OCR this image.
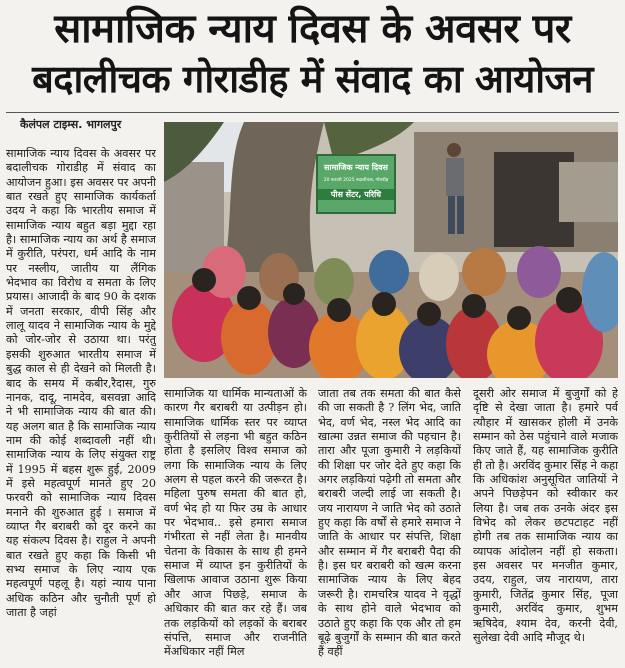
सामाजिक न्याय दिवस के अवसर पर
बदालीचक गोराडीह में संवाद का आयोजन
कैलंपल टाइम्स. भागलपुर

सामाजिक न्याय दिवस के अवसर पर बदालीचक गोराडीह में संवाद का आयोजन हुआ। इस अवसर पर अपनी बात रखते हुए सामाजिक कार्यकर्ता उदय ने कहा कि भारतीय समाज में सामाजिक न्याय बहुत बड़ा मुद्दा रहा है। सामाजिक न्याय का अर्थ है समाज में कुरीति, परंपरा, धर्म आदि के नाम पर नस्लीय, जातीय या लैंगिक भेदभाव का विरोध व समता के लिए प्रयास। आजादी के बाद 90 के दशक में जनता सरकार, वीपी सिंह और लालू यादव ने सामाजिक न्याय के मुद्दे को जोर-जोर से उठाया था। परंतु इसकी शुरुआत भारतीय समाज में बुद्ध काल से ही देखने को मिलती है। बाद के समय में कबीर,रैदास, गुरु नानक, दादू, नामदेव, बसवन्ना आदि ने भी सामाजिक न्याय की बात की। यह अलग बात है कि सामाजिक न्याय नाम की कोई शब्दावली नहीं थी। सामाजिक न्याय के लिए संयुक्त राष्ट्र में 1995 में बहस शुरू हुई, 2009 में इसे महत्वपूर्ण मानते हुए 20 फरवरी को सामाजिक न्याय दिवस मनाने की शुरुआत हुई । समाज में व्याप्त गैर बराबरी को दूर करने का यह संकल्प दिवस है। राहुल ने अपनी बात रखते हुए कहा कि किसी भी सभ्य समाज के लिए न्याय एक महत्वपूर्ण पहलू है। यहां न्याय पाना अधिक कठिन और चुनौती पूर्ण हो जाता है जहां

सामाजिक न्याय दिवस
20 फरवरी 2025 बदालीचक, गोराडीह
पीस सेंटर, परिधि

सामाजिक या धार्मिक मान्यताओं के कारण गैर बराबरी या उत्पीड़न हो। सामाजिक धार्मिक स्तर पर व्याप्त कुरीतियों से लड़ना भी बहुत कठिन होता है इसलिए विश्व समाज को लगा कि सामाजिक न्याय के लिए अलग से पहल करने की जरूरत है। महिला पुरुष समता की बात हो, वर्ण भेद हो या फिर उम्र के आधार पर भेदभाव.. इसे हमारा समाज गंभीरता से नहीं लेता है। मानवीय चेतना के विकास के साथ ही हमने समाज में व्याप्त इन कुरीतियों के खिलाफ आवाज उठाना शुरू किया और आज पिछड़े, समाज के अधिकार की बात कर रहे हैं। जब तक लड़कियों को लड़कों के बराबर संपत्ति, समाज और राजनीति मेंअधिकार नहीं मिल

जाता तब तक समता की बात कैसे की जा सकती है ? लिंग भेद, जाति भेद, वर्ण भेद, नस्ल भेद आदि का खात्मा उन्नत समाज की पहचान है। तारा और पूजा कुमारी ने लड़कियों की शिक्षा पर जोर देते हुए कहा कि अगर लड़कियां पढ़ेगी तो समता और बराबरी जल्दी लाई जा सकती है। जय नारायण ने जाति भेद को उठाते हुए कहा कि वर्षों से हमारे समाज ने जाति के आधार पर संपत्ति, शिक्षा और सम्मान में गैर बराबरी पैदा की है। इस घर बराबरी को खत्म करना सामाजिक न्याय के लिए बेहद जरूरी है। रामचरित्र यादव ने वृद्धों के साथ होने वाले भेदभाव को उठाते हुए कहा कि एक और तो हम बूढ़े बुजुर्गों के सम्मान की बात करते हैं वहीं

दूसरी ओर समाज में बुजुर्गों को हे दृष्टि से देखा जाता है। हमारे पर्व त्यौहार में खासकर होली में उनके सम्मान को ठेस पहुंचाने वाले मजाक किए जाते हैं, यह सामाजिक कुरीति ही तो है। अरविंद कुमार सिंह ने कहा कि अधिकांश अनुसूचित जातियों ने अपने पिछड़ेपन को स्वीकार कर लिया है। जब तक उनके अंदर इस विभेद को लेकर छटपटाहट नहीं होगी तब तक सामाजिक न्याय का व्यापक आंदोलन नहीं हो सकता। इस अवसर पर मनजीत कुमार, उदय, राहुल, जय नारायण, तारा कुमारी, जितेंद्र कुमार सिंह, पूजा कुमारी, अरविंद कुमार, शुभम ऋषिदेव, श्याम देव, करनी देवी, सुलेखा देवी आदि मौजूद थे।
